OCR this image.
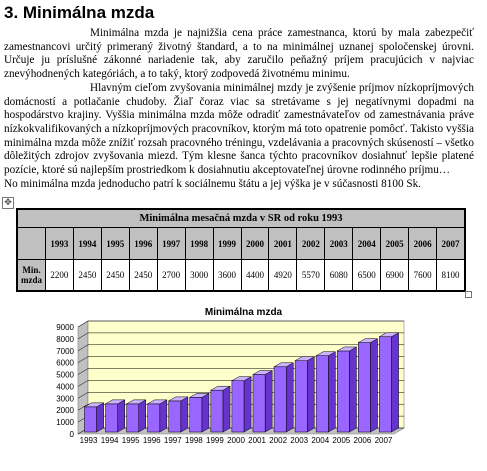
3. Minimálna mzda

Minimálna mzda je najnižšia cena práce zamestnanca, ktorú by mala zabezpečiť zamestnancovi určitý primeraný životný štandard, a to na minimálnej uznanej spoločenskej úrovni. Určuje ju príslušné zákonné nariadenie tak, aby zaručilo peňažný príjem pracujúcich v najviac znevýhodnených kategóriách, a to taký, ktorý zodpovedá životnému minimu.

Hlavným cieľom zvyšovania minimálnej mzdy je zvýšenie príjmov nízkopríjmových domácností a potlačanie chudoby. Žiaľ čoraz viac sa stretávame s jej negatívnymi dopadmi na hospodárstvo krajiny. Vyššia minimálna mzda môže odradiť zamestnávateľov od zamestnávania práve nízkokvalifikovaných a nízkopríjmových pracovníkov, ktorým má toto opatrenie pomôcť. Takisto vyššia minimálna mzda môže znížiť rozsah pracovného tréningu, vzdelávania a pracovných skúseností – všetko dôležitých zdrojov zvyšovania miezd. Tým klesne šanca týchto pracovníkov dosiahnuť lepšie platené pozície, ktoré sú najlepším prostriedkom k dosiahnutiu akceptovateľnej úrovne rodinného príjmu…

No minimálna mzda jednoducho patrí k sociálnemu štátu a jej výška je v súčasnosti 8100 Sk.

✥
Minimálna mesačná mzda v SR od roku 1993															
	1993	1994	1995	1996	1997	1998	1999	2000	2001	2002	2003	2004	2005	2006	2007
Min. mzda	2200	2450	2450	2450	2700	3000	3600	4400	4920	5570	6080	6500	6900	7600	8100
Minimálna mzda
0
1000
2000
3000
4000
5000
6000
7000
8000
9000
1993 1994 1995 1996 1997 1998 1999 2000 2001 2002 2003 2004 2005 2006 2007
